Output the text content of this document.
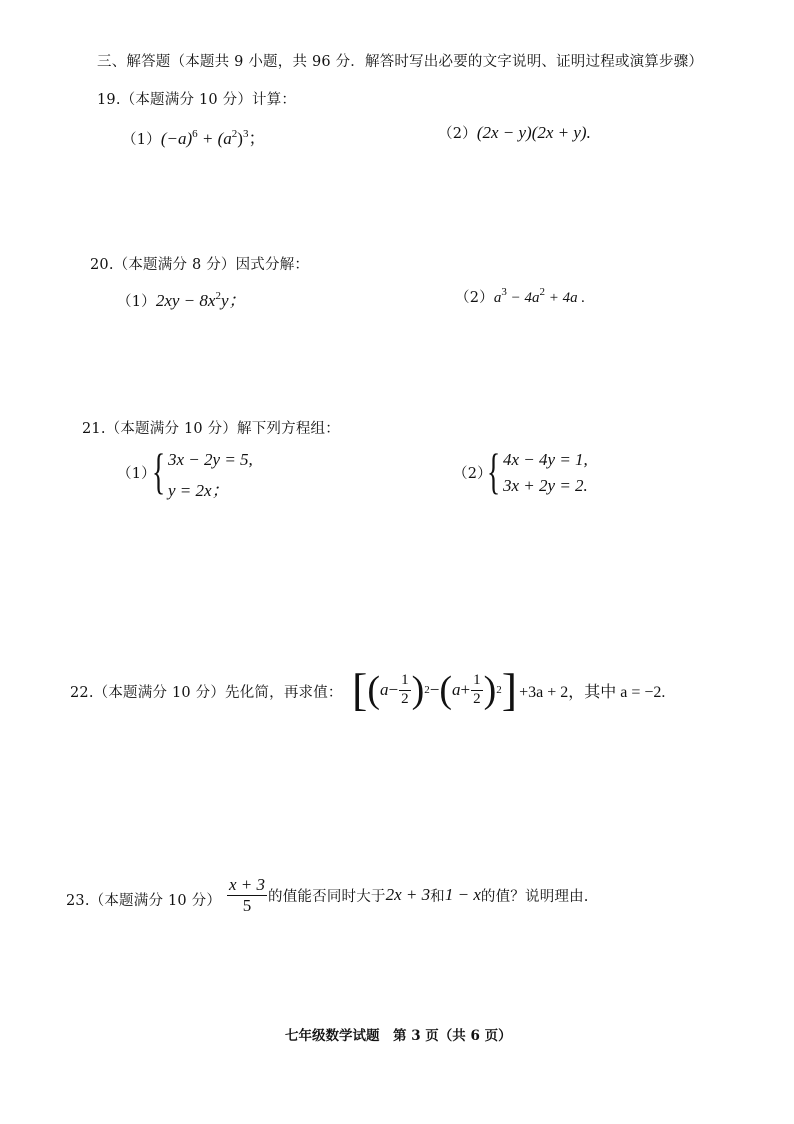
三、解答题（本题共 9 小题，共 96 分．解答时写出必要的文字说明、证明过程或演算步骤）
19.（本题满分 10 分）计算：
$(1)(-a)^6 + (a^2)^3$；	（2）(2x − y)(2x + y).
20.（本题满分 8 分）因式分解：
$(1)2xy - 8x^2y$；	$(2)a^3 - 4a^2 + 4a$ .
21.（本题满分 10 分）解下列方程组：
（1）
{ 3x − 2y = 5,
y = 2x；
（2）
{ 4x − 4y = 1,
3x + 2y = 2.
22.（本题满分 10 分）先化简，再求值： [ ( $a- \frac{1}{2}$ ) 2 − ( $a+ \frac{1}{2}$ ) 2 ] +3a + 2，其中 a = −2.
23.（本题满分 10 分） $\frac{x + 3}{5}$ 的值能否同时大于 2x + 3 和 1 − x 的值？说明理由.
七年级数学试题　第 3 页（共 6 页）
